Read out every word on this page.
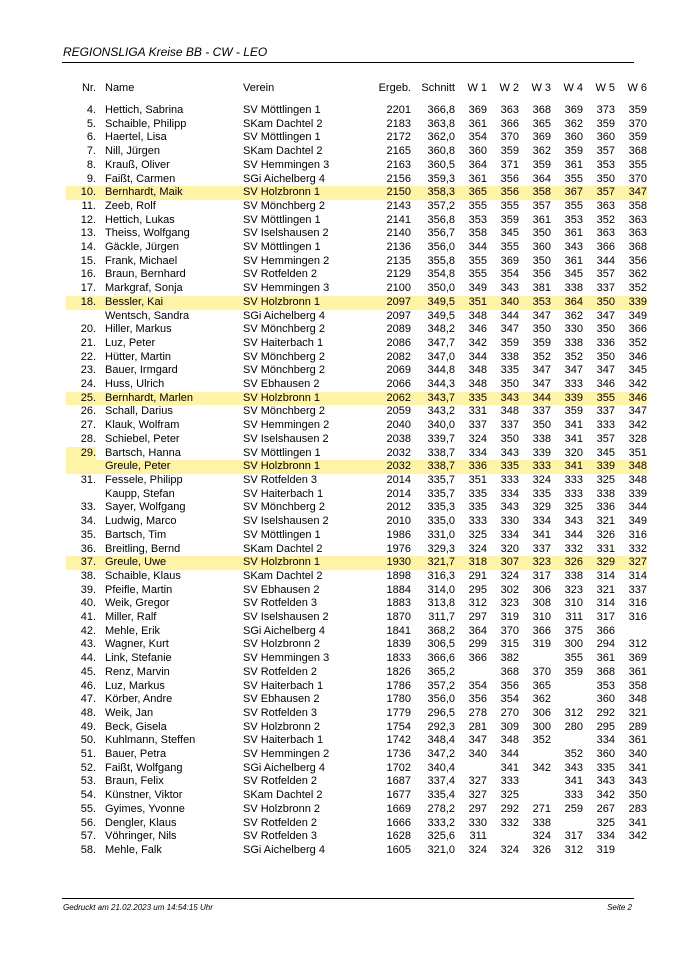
REGIONSLIGA Kreise BB - CW - LEO
Nr.	Name	Verein	Ergeb.	Schnitt	W 1	W 2	W 3	W 4	W 5	W 6
4.	Hettich, Sabrina	SV Möttlingen 1	2201	366,8	369	363	368	369	373	359
5.	Schaible, Philipp	SKam Dachtel 2	2183	363,8	361	366	365	362	359	370
6.	Haertel, Lisa	SV Möttlingen 1	2172	362,0	354	370	369	360	360	359
7.	Nill, Jürgen	SKam Dachtel 2	2165	360,8	360	359	362	359	357	368
8.	Krauß, Oliver	SV Hemmingen 3	2163	360,5	364	371	359	361	353	355
9.	Faißt, Carmen	SGi Aichelberg 4	2156	359,3	361	356	364	355	350	370
10.	Bernhardt, Maik	SV Holzbronn 1	2150	358,3	365	356	358	367	357	347
11.	Zeeb, Rolf	SV Mönchberg 2	2143	357,2	355	355	357	355	363	358
12.	Hettich, Lukas	SV Möttlingen 1	2141	356,8	353	359	361	353	352	363
13.	Theiss, Wolfgang	SV Iselshausen 2	2140	356,7	358	345	350	361	363	363
14.	Gäckle, Jürgen	SV Möttlingen 1	2136	356,0	344	355	360	343	366	368
15.	Frank, Michael	SV Hemmingen 2	2135	355,8	355	369	350	361	344	356
16.	Braun, Bernhard	SV Rotfelden 2	2129	354,8	355	354	356	345	357	362
17.	Markgraf, Sonja	SV Hemmingen 3	2100	350,0	349	343	381	338	337	352
18.	Bessler, Kai	SV Holzbronn 1	2097	349,5	351	340	353	364	350	339
	Wentsch, Sandra	SGi Aichelberg 4	2097	349,5	348	344	347	362	347	349
20.	Hiller, Markus	SV Mönchberg 2	2089	348,2	346	347	350	330	350	366
21.	Luz, Peter	SV Haiterbach 1	2086	347,7	342	359	359	338	336	352
22.	Hütter, Martin	SV Mönchberg 2	2082	347,0	344	338	352	352	350	346
23.	Bauer, Irmgard	SV Mönchberg 2	2069	344,8	348	335	347	347	347	345
24.	Huss, Ulrich	SV Ebhausen 2	2066	344,3	348	350	347	333	346	342
25.	Bernhardt, Marlen	SV Holzbronn 1	2062	343,7	335	343	344	339	355	346
26.	Schall, Darius	SV Mönchberg 2	2059	343,2	331	348	337	359	337	347
27.	Klauk, Wolfram	SV Hemmingen 2	2040	340,0	337	337	350	341	333	342
28.	Schiebel, Peter	SV Iselshausen 2	2038	339,7	324	350	338	341	357	328
29.	Bartsch, Hanna	SV Möttlingen 1	2032	338,7	334	343	339	320	345	351
	Greule, Peter	SV Holzbronn 1	2032	338,7	336	335	333	341	339	348
31.	Fessele, Philipp	SV Rotfelden 3	2014	335,7	351	333	324	333	325	348
	Kaupp, Stefan	SV Haiterbach 1	2014	335,7	335	334	335	333	338	339
33.	Sayer, Wolfgang	SV Mönchberg 2	2012	335,3	335	343	329	325	336	344
34.	Ludwig, Marco	SV Iselshausen 2	2010	335,0	333	330	334	343	321	349
35.	Bartsch, Tim	SV Möttlingen 1	1986	331,0	325	334	341	344	326	316
36.	Breitling, Bernd	SKam Dachtel 2	1976	329,3	324	320	337	332	331	332
37.	Greule, Uwe	SV Holzbronn 1	1930	321,7	318	307	323	326	329	327
38.	Schaible, Klaus	SKam Dachtel 2	1898	316,3	291	324	317	338	314	314
39.	Pfeifle, Martin	SV Ebhausen 2	1884	314,0	295	302	306	323	321	337
40.	Weik, Gregor	SV Rotfelden 3	1883	313,8	312	323	308	310	314	316
41.	Miller, Ralf	SV Iselshausen 2	1870	311,7	297	319	310	311	317	316
42.	Mehle, Erik	SGi Aichelberg 4	1841	368,2	364	370	366	375	366	
43.	Wagner, Kurt	SV Holzbronn 2	1839	306,5	299	315	319	300	294	312
44.	Link, Stefanie	SV Hemmingen 3	1833	366,6	366	382		355	361	369
45.	Renz, Marvin	SV Rotfelden 2	1826	365,2		368	370	359	368	361
46.	Luz, Markus	SV Haiterbach 1	1786	357,2	354	356	365		353	358
47.	Körber, Andre	SV Ebhausen 2	1780	356,0	356	354	362		360	348
48.	Weik, Jan	SV Rotfelden 3	1779	296,5	278	270	306	312	292	321
49.	Beck, Gisela	SV Holzbronn 2	1754	292,3	281	309	300	280	295	289
50.	Kuhlmann, Steffen	SV Haiterbach 1	1742	348,4	347	348	352		334	361
51.	Bauer, Petra	SV Hemmingen 2	1736	347,2	340	344		352	360	340
52.	Faißt, Wolfgang	SGi Aichelberg 4	1702	340,4		341	342	343	335	341
53.	Braun, Felix	SV Rotfelden 2	1687	337,4	327	333		341	343	343
54.	Künstner, Viktor	SKam Dachtel 2	1677	335,4	327	325		333	342	350
55.	Gyimes, Yvonne	SV Holzbronn 2	1669	278,2	297	292	271	259	267	283
56.	Dengler, Klaus	SV Rotfelden 2	1666	333,2	330	332	338		325	341
57.	Vöhringer, Nils	SV Rotfelden 3	1628	325,6	311		324	317	334	342
58.	Mehle, Falk	SGi Aichelberg 4	1605	321,0	324	324	326	312	319	
Gedruckt am 21.02.2023 um 14:54:15 Uhr	Seite 2
